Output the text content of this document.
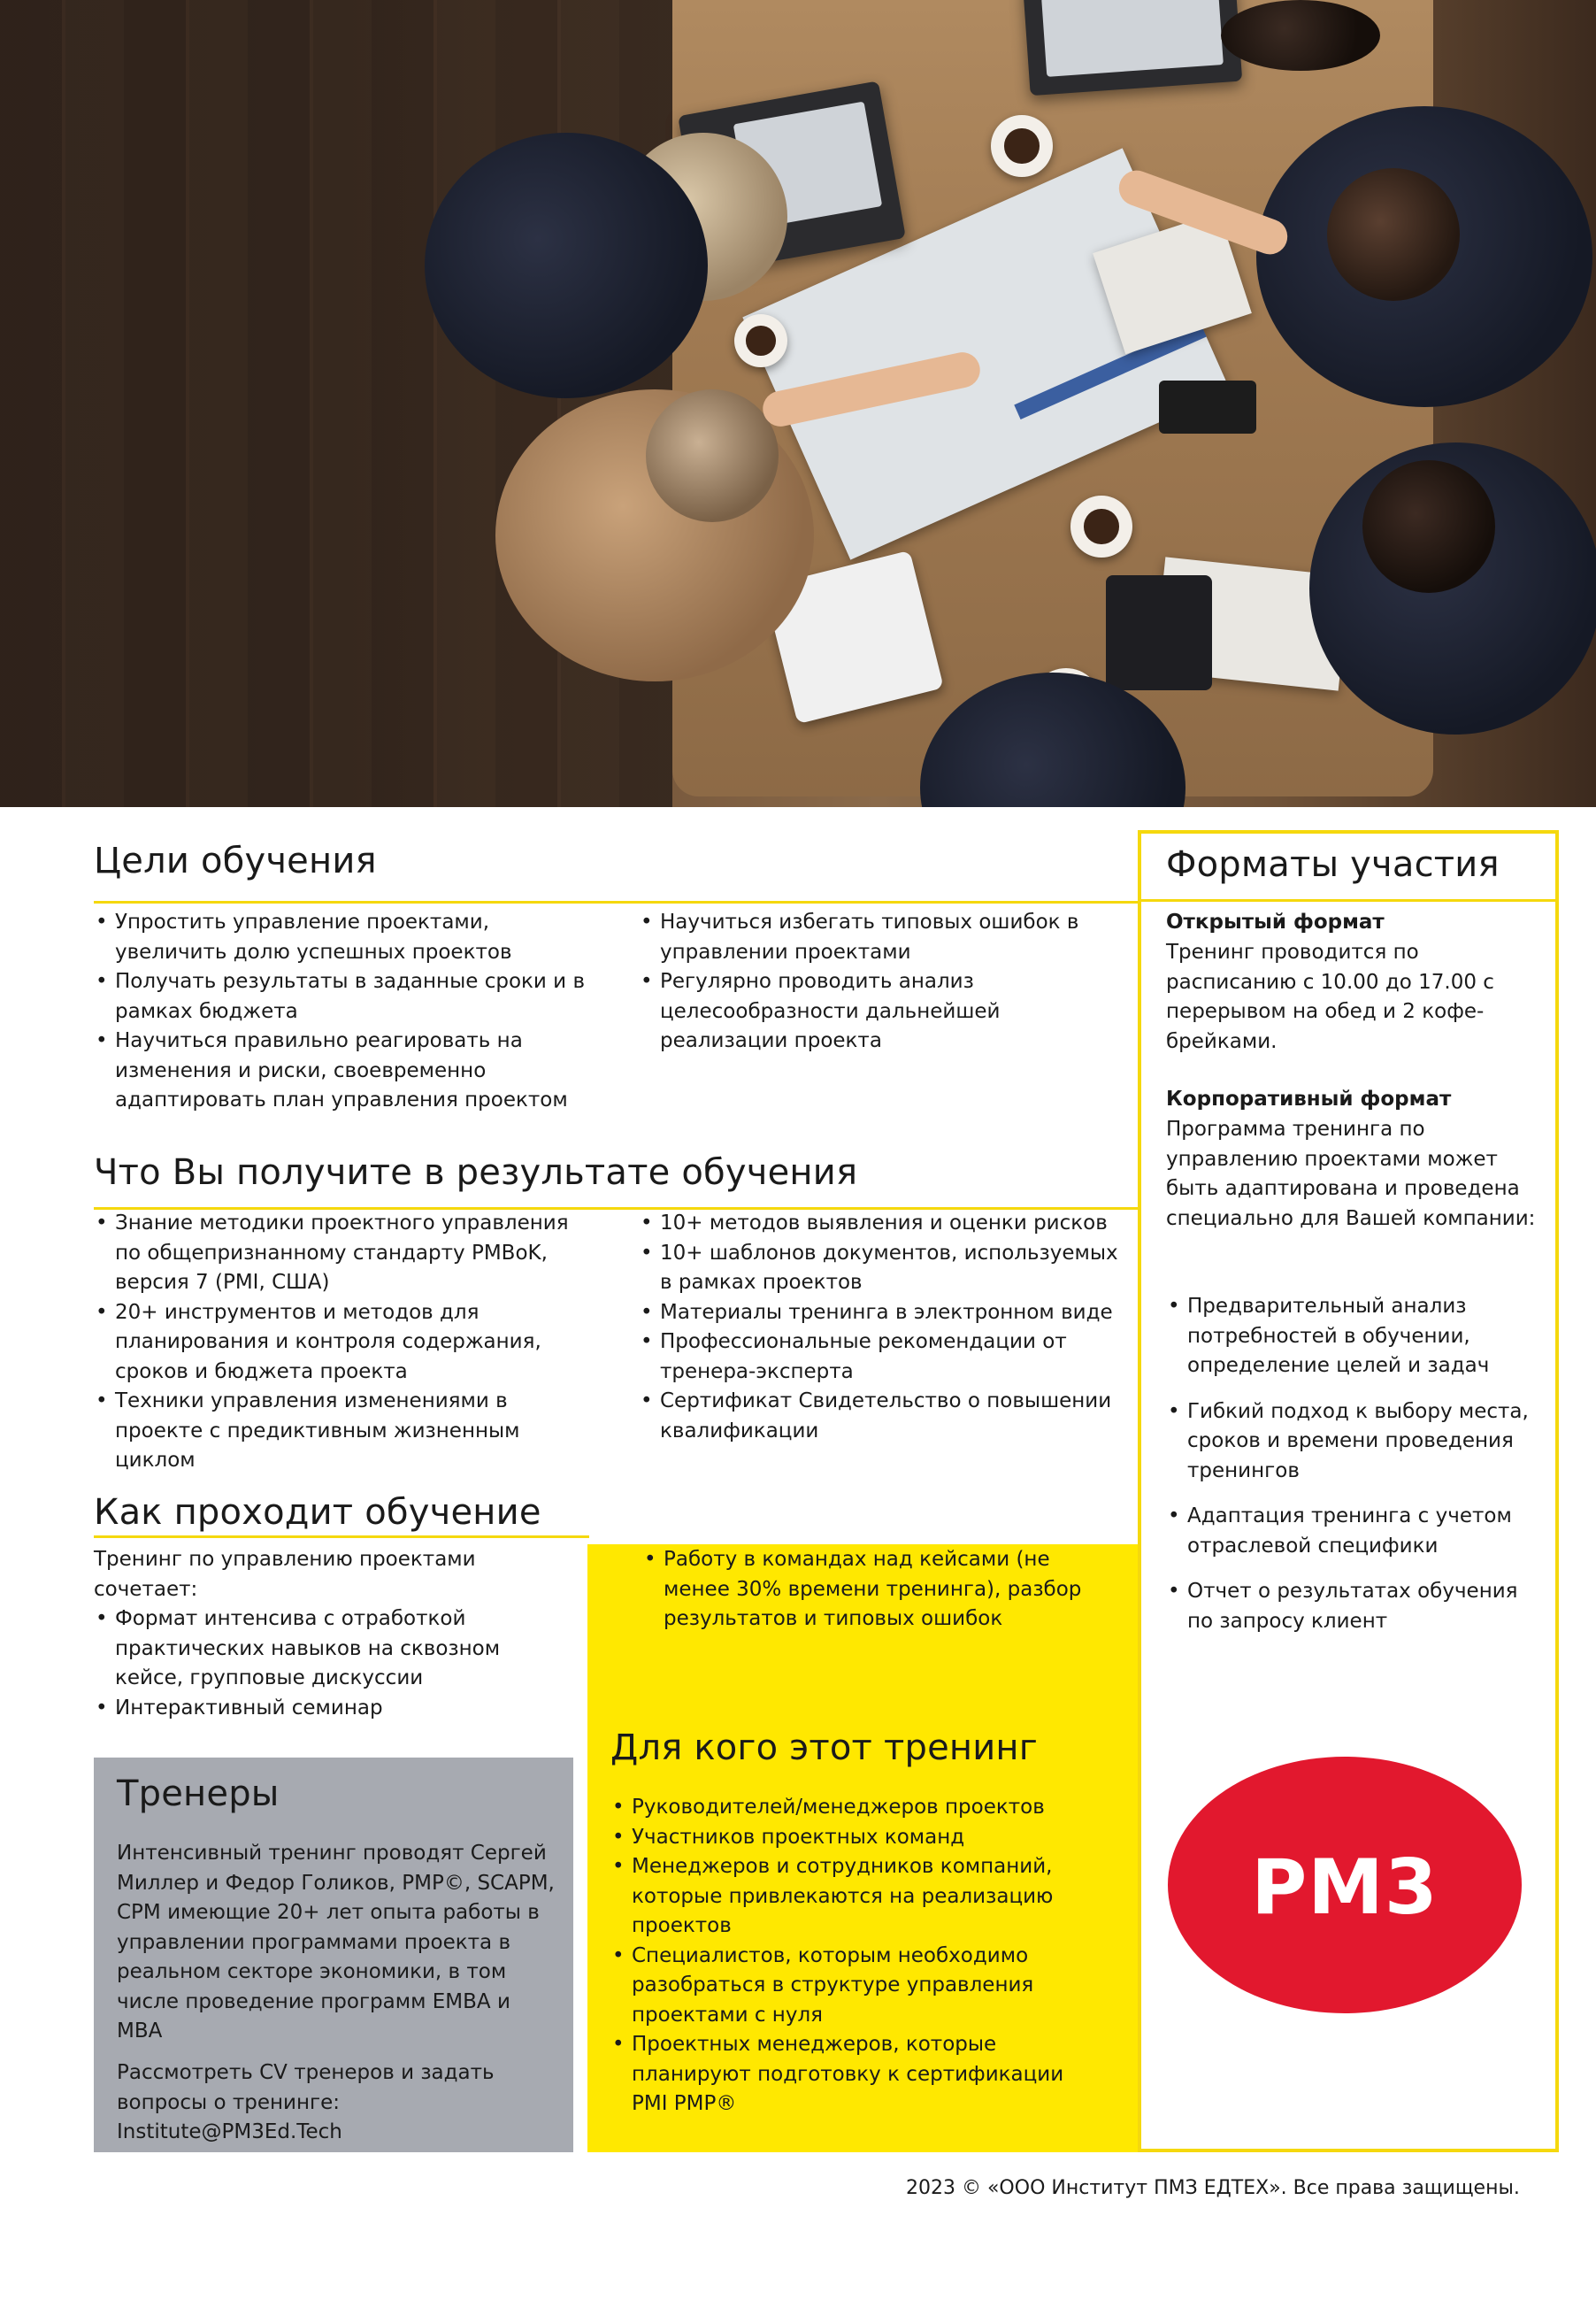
Цели обучения
• Упростить управление проектами, увеличить долю успешных проектов
• Получать результаты в заданные сроки и в рамках бюджета
• Научиться правильно реагировать на изменения и риски, своевременно адаптировать план управления проектом
• Научиться избегать типовых ошибок в управлении проектами
• Регулярно проводить анализ целесообразности дальнейшей реализации проекта
Что Вы получите в результате обучения
• Знание методики проектного управления по общепризнанному стандарту PMBoK, версия 7 (PMI, США)
• 20+ инструментов и методов для планирования и контроля содержания, сроков и бюджета проекта
• Техники управления изменениями в проекте с предиктивным жизненным циклом
• 10+ методов выявления и оценки рисков
• 10+ шаблонов документов, используемых в рамках проектов
• Материалы тренинга в электронном виде
• Профессиональные рекомендации от тренера-эксперта
• Сертификат Свидетельство о повышении квалификации
Как проходит обучение
Тренинг по управлению проектами сочетает:
• Формат интенсива с отработкой практических навыков на сквозном кейсе, групповые дискуссии
• Интерактивный семинар
• Работу в командах над кейсами (не менее 30% времени тренинга), разбор результатов и типовых ошибок
Для кого этот тренинг
• Руководителей/менеджеров проектов
• Участников проектных команд
• Менеджеров и сотрудников компаний, которые привлекаются на реализацию проектов
• Специалистов, которым необходимо разобраться в структуре управления проектами с нуля
• Проектных менеджеров, которые планируют подготовку к сертификации PMI PMP®
Тренеры
Интенсивный тренинг проводят Сергей Миллер и Федор Голиков, PMP©, SCAPM, CPM имеющие 20+ лет опыта работы в управлении программами проекта в реальном секторе экономики, в том числе проведение программ EMBA и MBA
Рассмотреть CV тренеров и задать вопросы о тренинге: Institute@PM3Ed.Tech
Форматы участия
Открытый формат
Тренинг проводится по расписанию с 10.00 до 17.00 с перерывом на обед и 2 кофе-брейками.
Корпоративный формат
Программа тренинга по управлению проектами может быть адаптирована и проведена специально для Вашей компании:
• Предварительный анализ потребностей в обучении, определение целей и задач
• Гибкий подход к выбору места, сроков и времени проведения тренингов
• Адаптация тренинга с учетом отраслевой специфики
• Отчет о результатах обучения по запросу клиент
PM3
2023 © «ООО Институт ПМЗ ЕДТЕХ». Все права защищены.
